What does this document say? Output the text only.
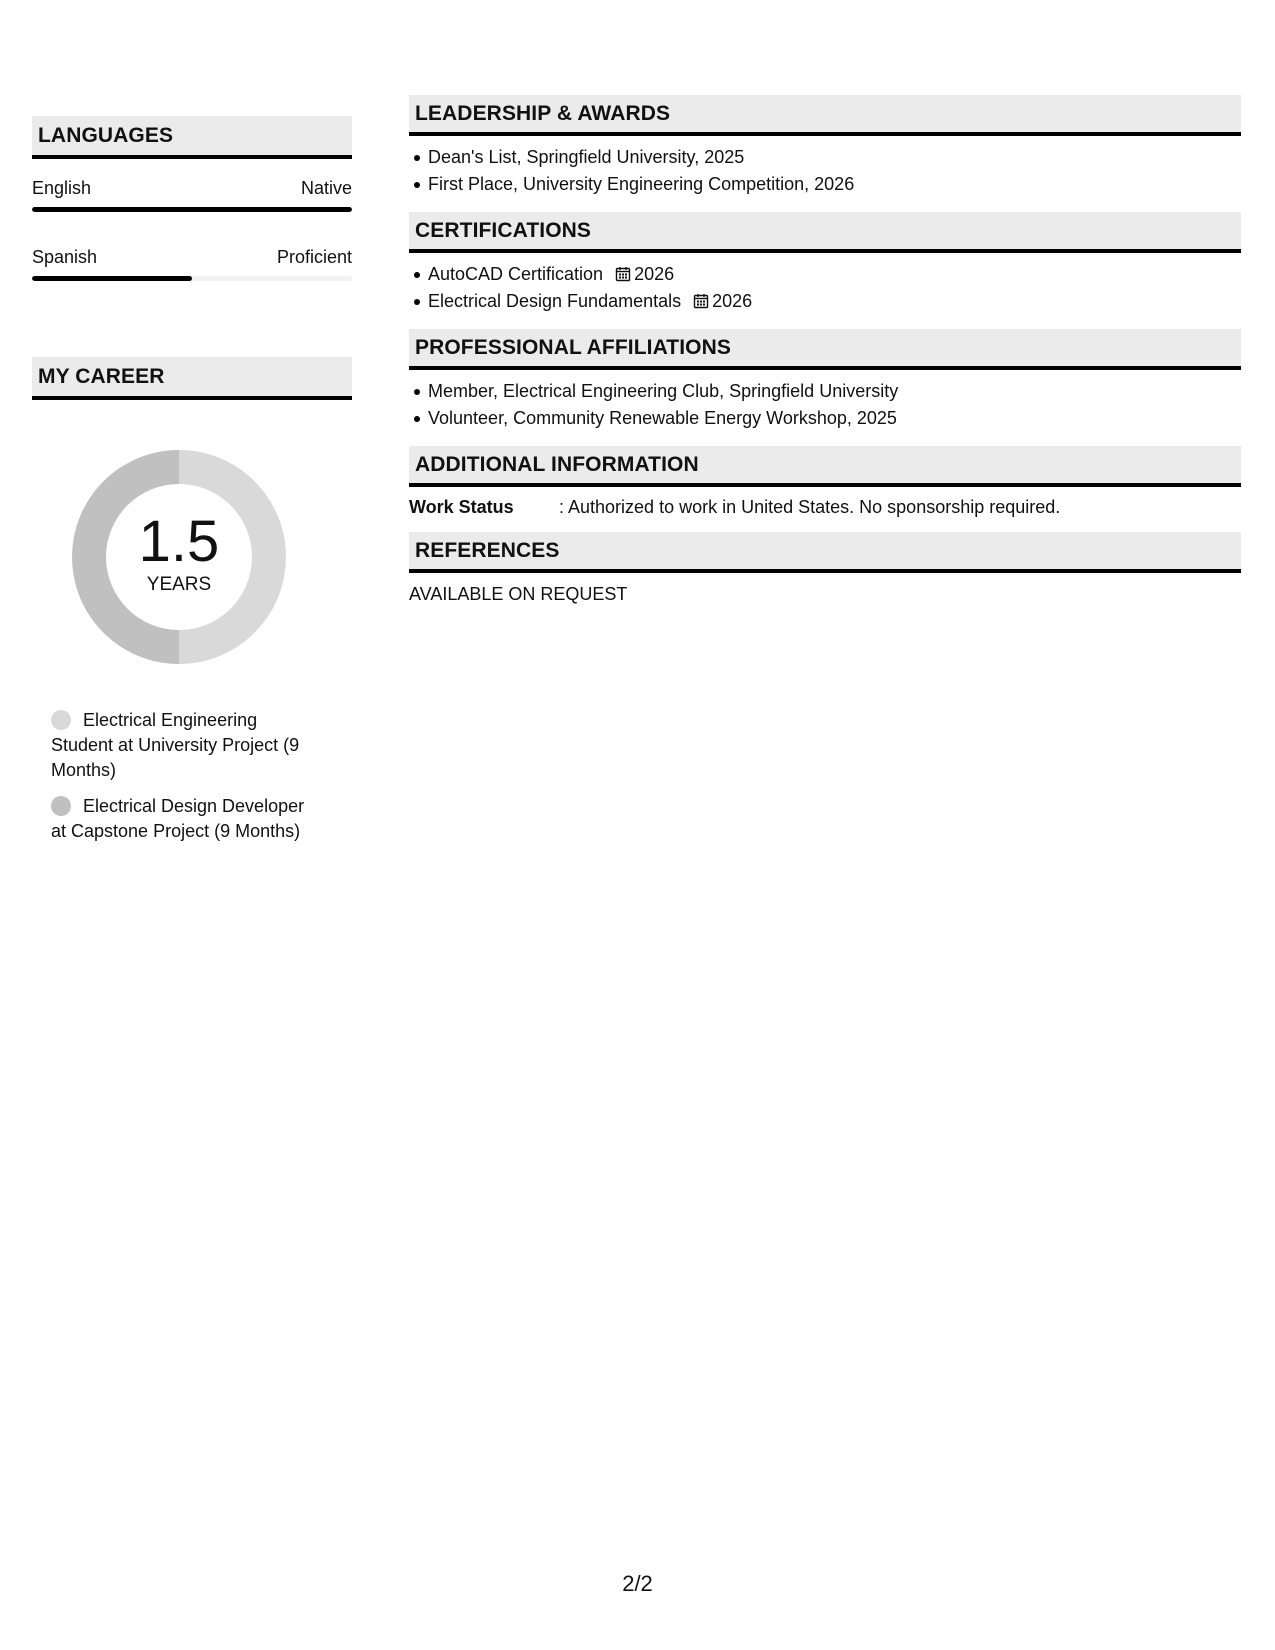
LANGUAGES
English	Native
Spanish	Proficient
MY CAREER
1.5
YEARS
Electrical Engineering Student at University Project (9 Months)
Electrical Design Developer at Capstone Project (9 Months)
LEADERSHIP & AWARDS
Dean's List, Springfield University, 2025
First Place, University Engineering Competition, 2026
CERTIFICATIONS
AutoCAD Certification 2026
Electrical Design Fundamentals 2026
PROFESSIONAL AFFILIATIONS
Member, Electrical Engineering Club, Springfield University
Volunteer, Community Renewable Energy Workshop, 2025
ADDITIONAL INFORMATION
Work Status	: Authorized to work in United States. No sponsorship required.
REFERENCES
AVAILABLE ON REQUEST
2/2
